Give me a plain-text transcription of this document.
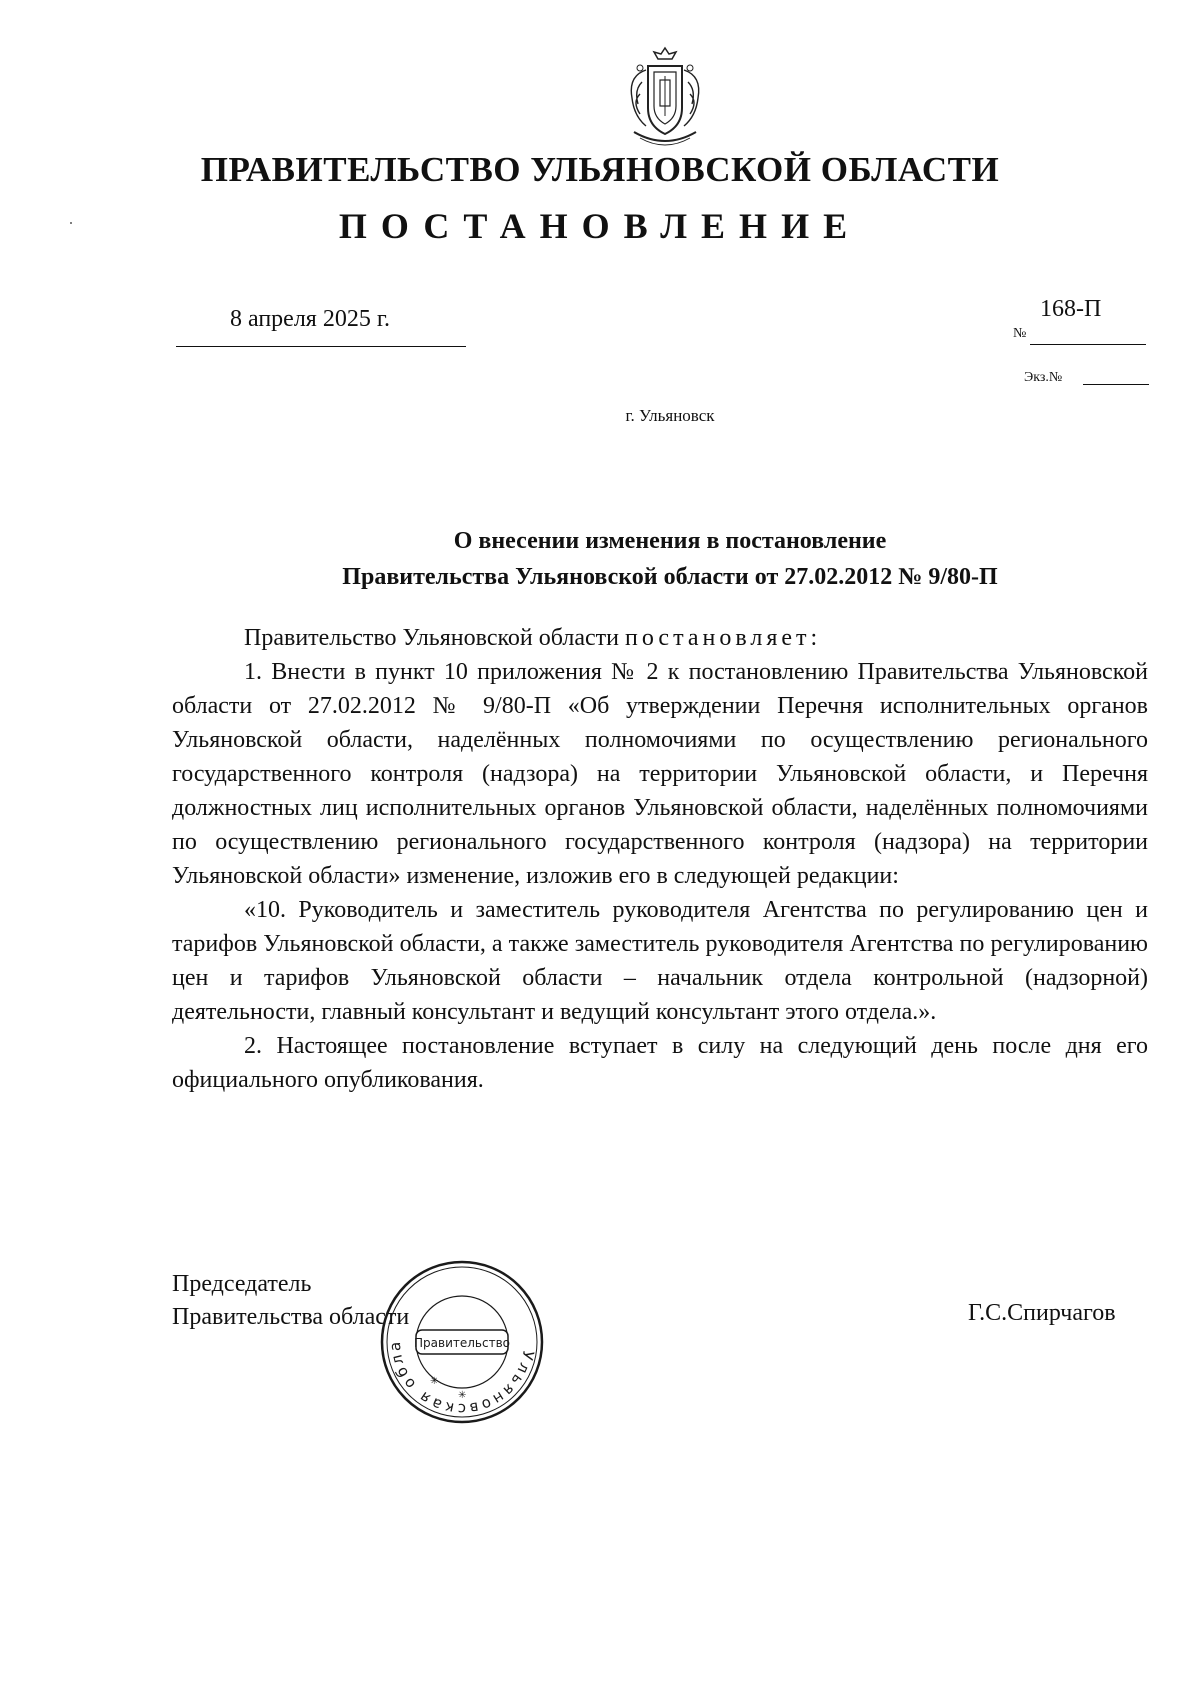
ПРАВИТЕЛЬСТВО УЛЬЯНОВСКОЙ ОБЛАСТИ
ПОСТАНОВЛЕНИЕ
8 апреля 2025 г.
№
168-П
Экз.№
г. Ульяновск
О внесении изменения в постановление
Правительства Ульяновской области от 27.02.2012 № 9/80-П

Правительство Ульяновской области постановляет:

1. Внести в пункт 10 приложения № 2 к постановлению Правительства Ульяновской области от 27.02.2012 № 9/80-П «Об утверждении Перечня исполнительных органов Ульяновской области, наделённых полномочиями по осуществлению регионального государственного контроля (надзора) на территории Ульяновской области, и Перечня должностных лиц исполнительных органов Ульяновской области, наделённых полномочиями по осуществлению регионального государственного контроля (надзора) на территории Ульяновской области» изменение, изложив его в следующей редакции:

«10. Руководитель и заместитель руководителя Агентства по регулированию цен и тарифов Ульяновской области, а также заместитель руководителя Агентства по регулированию цен и тарифов Ульяновской области – начальник отдела контрольной (надзорной) деятельности, главный консультант и ведущий консультант этого отдела.».

2. Настоящее постановление вступает в силу на следующий день после дня его официального опубликования.

Председатель
Правительства области
Ульяновская обла Правительство
✳
✳
Г.С.Спирчагов
